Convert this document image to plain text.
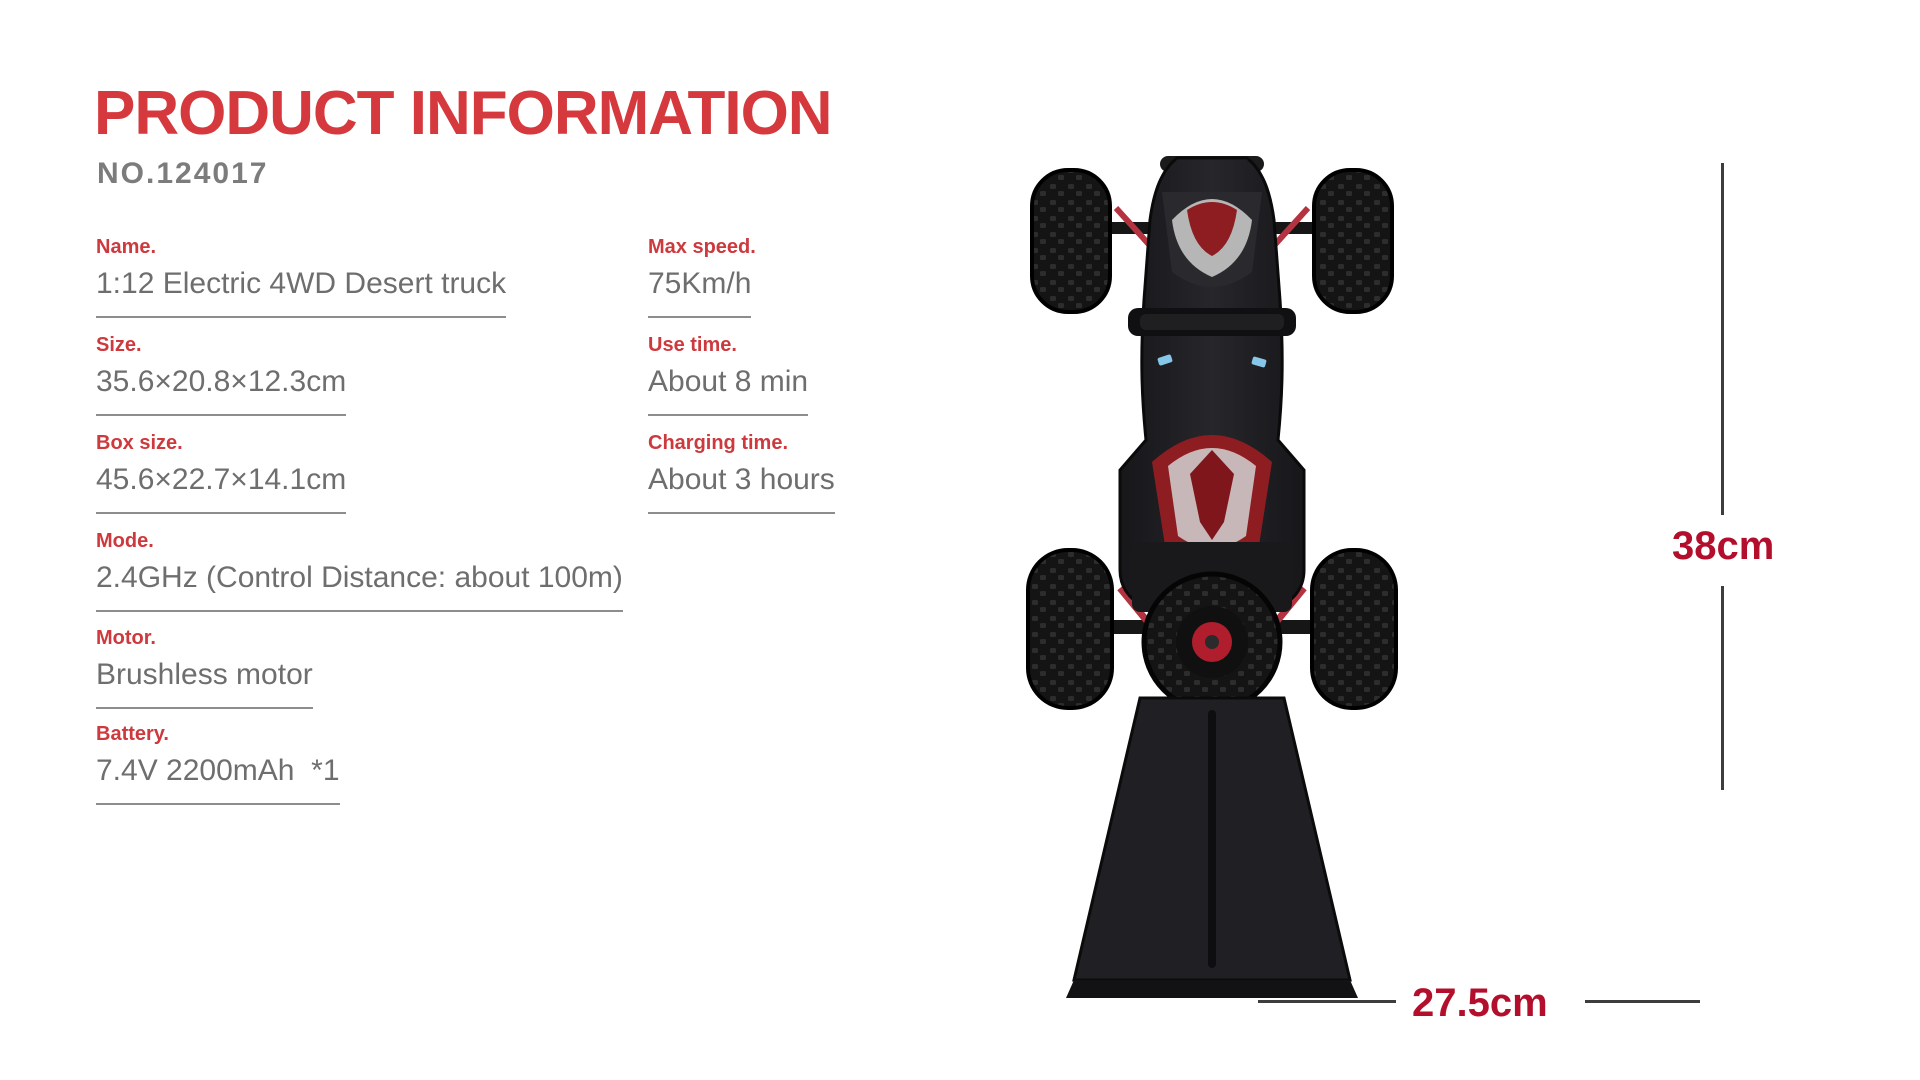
PRODUCT INFORMATION
NO.124017
Name.
1:12 Electric 4WD Desert truck
Size.
35.6×20.8×12.3cm
Box size.
45.6×22.7×14.1cm
Mode.
2.4GHz (Control Distance: about 100m)
Motor.
Brushless motor
Battery.
7.4V 2200mAh  *1
Max speed.
75Km/h
Use time.
About 8 min
Charging time.
About 3 hours
38cm
27.5cm
